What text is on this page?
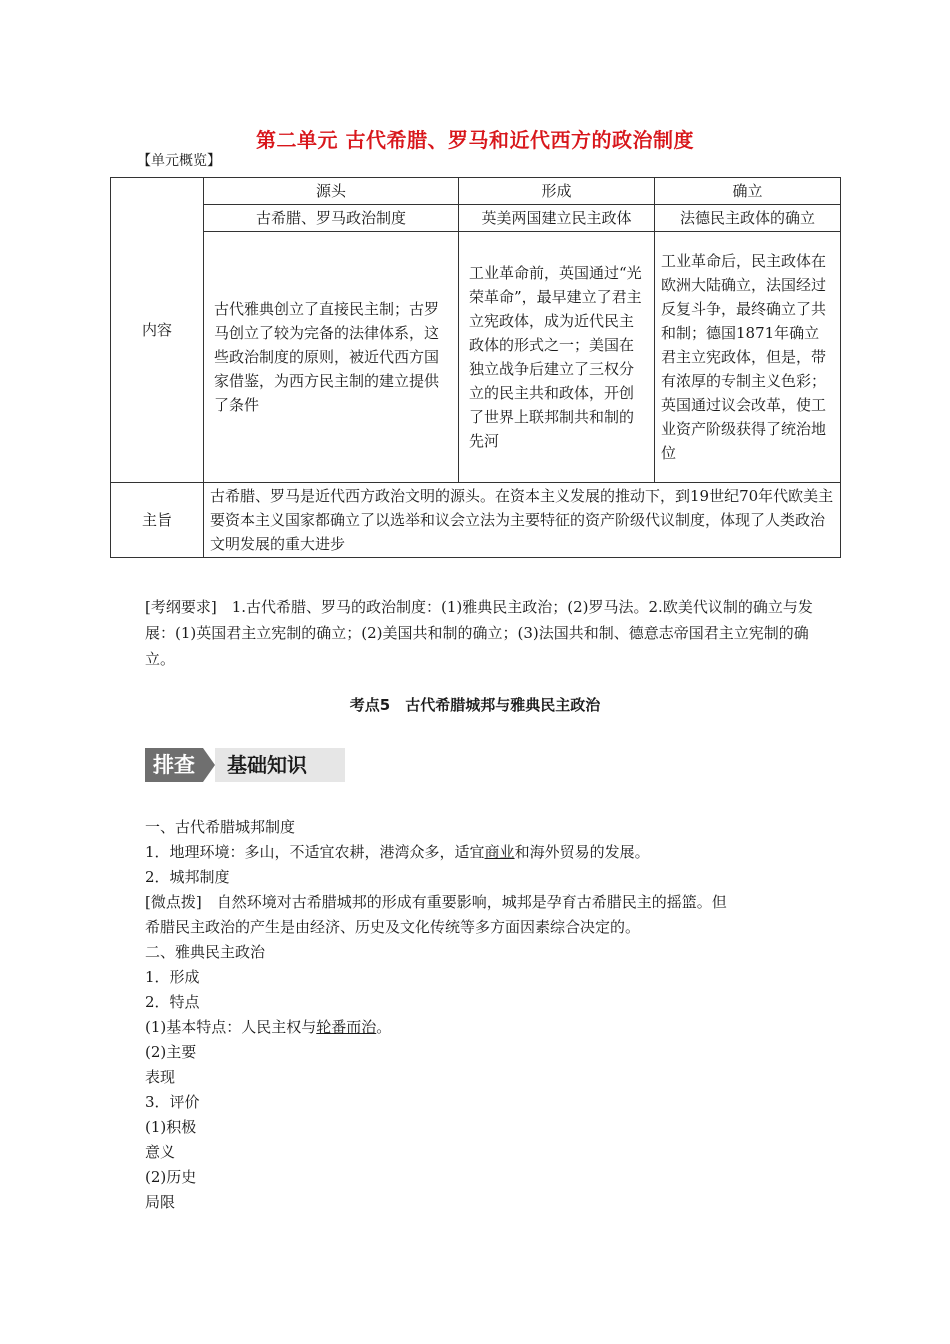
第二单元 古代希腊、罗马和近代西方的政治制度
【单元概览】
内容	源头	形成	确立
	古希腊、罗马政治制度	英美两国建立民主政体	法德民主政体的确立
	古代雅典创立了直接民主制；古罗马创立了较为完备的法律体系，这些政治制度的原则，被近代西方国家借鉴，为西方民主制的建立提供了条件	工业革命前，英国通过“光荣革命”，最早建立了君主立宪政体，成为近代民主政体的形式之一；美国在独立战争后建立了三权分立的民主共和政体，开创了世界上联邦制共和制的先河	工业革命后，民主政体在欧洲大陆确立，法国经过反复斗争，最终确立了共和制；德国1871年确立君主立宪政体，但是，带有浓厚的专制主义色彩；英国通过议会改革，使工业资产阶级获得了统治地位
主旨	古希腊、罗马是近代西方政治文明的源头。在资本主义发展的推动下，到19世纪70年代欧美主要资本主义国家都确立了以选举和议会立法为主要特征的资产阶级代议制度，体现了人类政治文明发展的重大进步		
[考纲要求]　1.古代希腊、罗马的政治制度：(1)雅典民主政治；(2)罗马法。2.欧美代议制的确立与发展：(1)英国君主立宪制的确立；(2)美国共和制的确立；(3)法国共和制、德意志帝国君主立宪制的确立。
考点5　古代希腊城邦与雅典民主政治
排查	基础知识
一、古代希腊城邦制度
1．地理环境：多山，不适宜农耕，港湾众多，适宜商业和海外贸易的发展。
2．城邦制度
[微点拨]　自然环境对古希腊城邦的形成有重要影响，城邦是孕育古希腊民主的摇篮。但
希腊民主政治的产生是由经济、历史及文化传统等多方面因素综合决定的。
二、雅典民主政治
1．形成
2．特点
(1)基本特点：人民主权与轮番而治。
(2)主要
表现
3．评价
(1)积极
意义
(2)历史
局限
